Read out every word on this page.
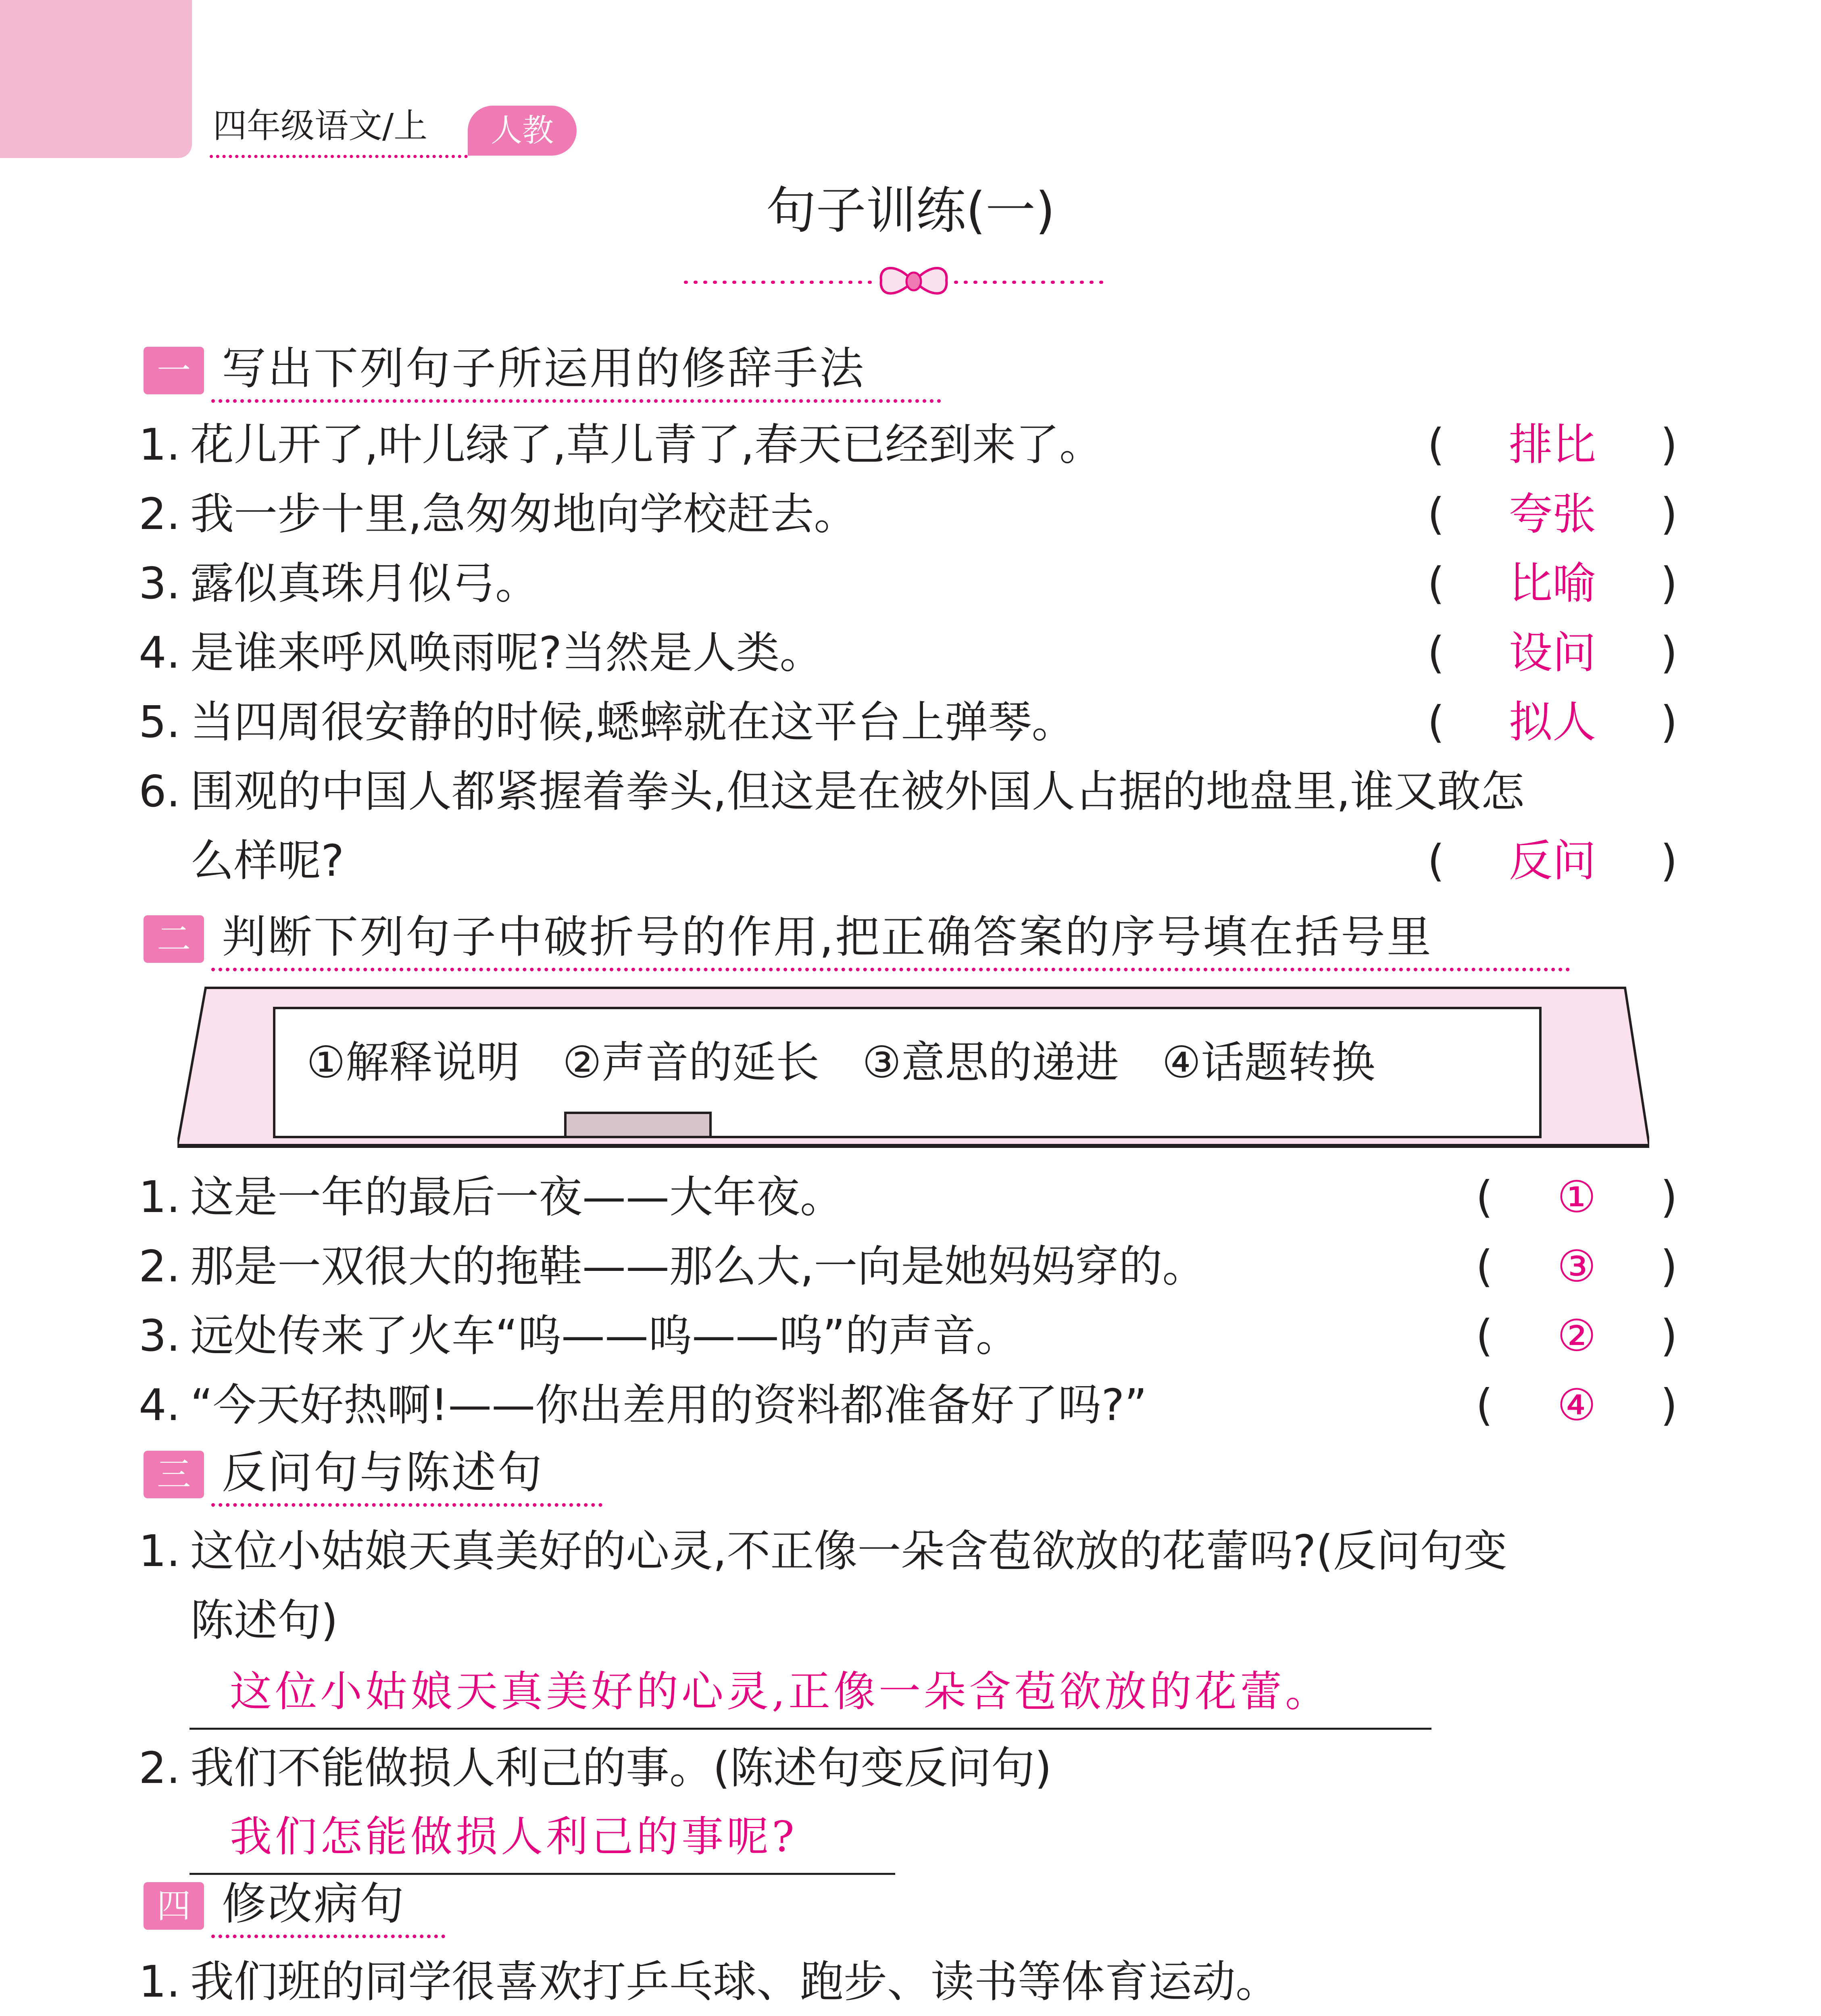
四年级语文/上	人教
句子训练(一)
一 写出下列句子所运用的修辞手法
1. 花儿开了,叶儿绿了,草儿青了,春天已经到来了。	(	排比	)
2. 我一步十里,急匆匆地向学校赶去。	(	夸张	)
3. 露似真珠月似弓。	(	比喻	)
4. 是谁来呼风唤雨呢?当然是人类。	(	设问	)
5. 当四周很安静的时候,蟋蟀就在这平台上弹琴。	(	拟人	)
6. 围观的中国人都紧握着拳头,但这是在被外国人占据的地盘里,谁又敢怎
么样呢?	(	反问	)
二 判断下列句子中破折号的作用,把正确答案的序号填在括号里
①解释说明 ②声音的延长 ③意思的递进 ④话题转换
1. 这是一年的最后一夜——大年夜。	(	①	)
2. 那是一双很大的拖鞋——那么大,一向是她妈妈穿的。	(	③	)
3. 远处传来了火车“呜——呜——呜”的声音。	(	②	)
4. “今天好热啊!——你出差用的资料都准备好了吗?”	(	④	)
三 反问句与陈述句
1. 这位小姑娘天真美好的心灵,不正像一朵含苞欲放的花蕾吗?(反问句变
陈述句)
这位小姑娘天真美好的心灵,正像一朵含苞欲放的花蕾。
2. 我们不能做损人利己的事。(陈述句变反问句)
我们怎能做损人利己的事呢?
四 修改病句
1. 我们班的同学很喜欢打乒乓球、跑步、读书等体育运动。
